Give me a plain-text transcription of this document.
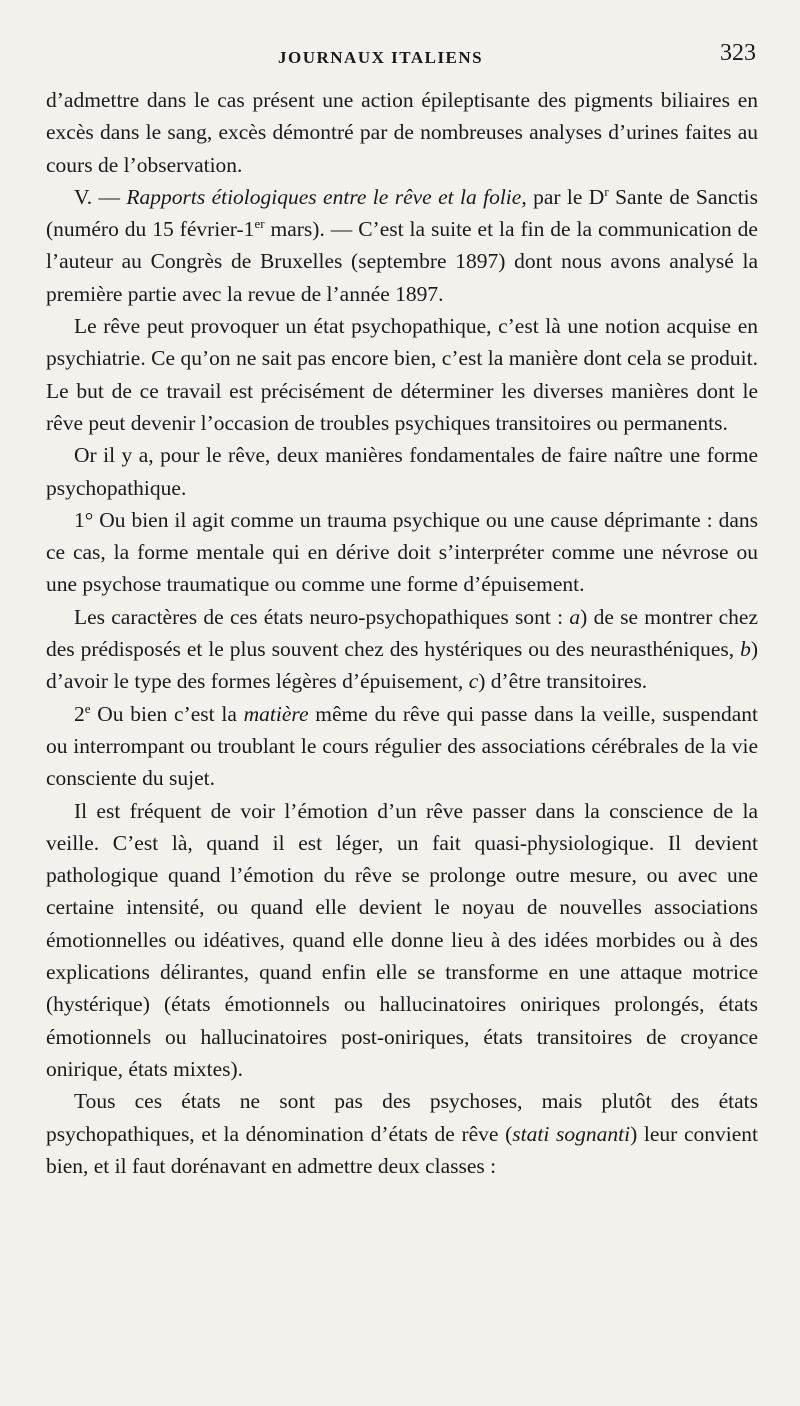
JOURNAUX ITALIENS	323

d’admettre dans le cas présent une action épileptisante des pigments biliaires en excès dans le sang, excès démontré par de nombreuses analyses d’urines faites au cours de l’observation.

V. — Rapports étiologiques entre le rêve et la folie, par le $D^r$ Sante de Sanctis (numéro du 15 février-1er mars). — C’est la suite et la fin de la communication de l’auteur au Congrès de Bruxelles (septembre 1897) dont nous avons analysé la première partie avec la revue de l’année 1897.

Le rêve peut provoquer un état psychopathique, c’est là une notion acquise en psychiatrie. Ce qu’on ne sait pas encore bien, c’est la manière dont cela se produit. Le but de ce travail est précisément de déterminer les diverses manières dont le rêve peut devenir l’occasion de troubles psychiques transitoires ou permanents.

Or il y a, pour le rêve, deux manières fondamentales de faire naître une forme psychopathique.

1° Ou bien il agit comme un trauma psychique ou une cause déprimante : dans ce cas, la forme mentale qui en dérive doit s’interpréter comme une névrose ou une psychose traumatique ou comme une forme d’épuisement.

Les caractères de ces états neuro-psychopathiques sont : a) de se montrer chez des prédisposés et le plus souvent chez des hystériques ou des neurasthéniques, b) d’avoir le type des formes légères d’épuisement, c) d’être transitoires.

2e Ou bien c’est la matière même du rêve qui passe dans la veille, suspendant ou interrompant ou troublant le cours régulier des associations cérébrales de la vie consciente du sujet.

Il est fréquent de voir l’émotion d’un rêve passer dans la conscience de la veille. C’est là, quand il est léger, un fait quasi-physiologique. Il devient pathologique quand l’émotion du rêve se prolonge outre mesure, ou avec une certaine intensité, ou quand elle devient le noyau de nouvelles associations émotionnelles ou idéatives, quand elle donne lieu à des idées morbides ou à des explications délirantes, quand enfin elle se transforme en une attaque motrice (hystérique) (états émotionnels ou hallucinatoires oniriques prolongés, états émotionnels ou hallucinatoires post-oniriques, états transitoires de croyance onirique, états mixtes).

Tous ces états ne sont pas des psychoses, mais plutôt des états psychopathiques, et la dénomination d’états de rêve (stati sognanti) leur convient bien, et il faut dorénavant en admettre deux classes :
